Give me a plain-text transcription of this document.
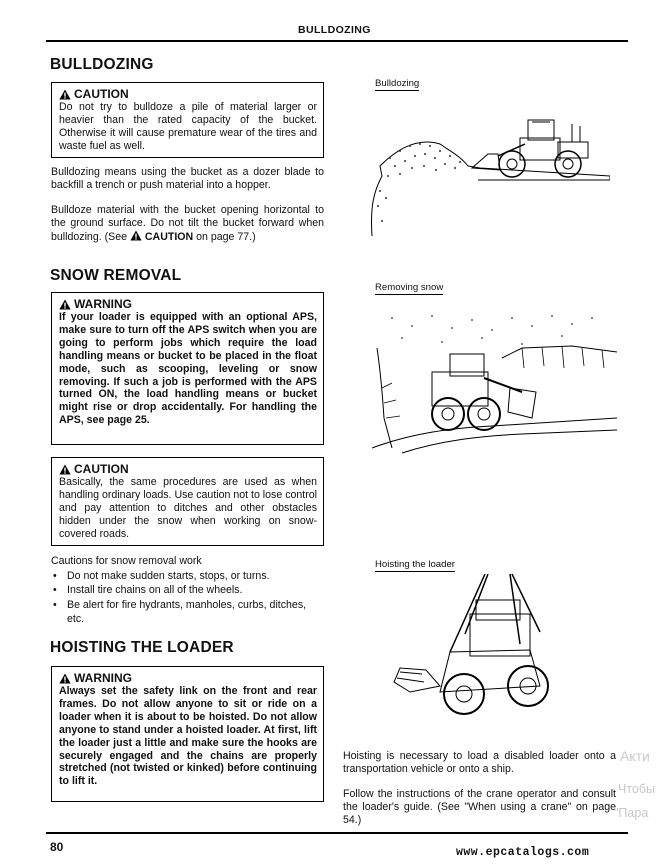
BULLDOZING
BULLDOZING
CAUTION
Do not try to bulldoze a pile of material larger or heavier than the rated capacity of the bucket. Otherwise it will cause premature wear of the tires and waste fuel as well.
Bulldozing means using the bucket as a dozer blade to backfill a trench or push material into a hopper.
Bulldoze material with the bucket opening horizontal to the ground surface. Do not tilt the bucket forward when bulldozing. (See CAUTION on page 77.)
SNOW REMOVAL
WARNING
If your loader is equipped with an optional APS, make sure to turn off the APS switch when you are going to perform jobs which require the load handling means or bucket to be placed in the float mode, such as scooping, leveling or snow removing. If such a job is performed with the APS turned ON, the load handling means or bucket might rise or drop accidentally. For handling the APS, see page 25.
CAUTION
Basically, the same procedures are used as when handling ordinary loads. Use caution not to lose control and pay attention to ditches and other obstacles hidden under the snow when working on snow-covered roads.
Cautions for snow removal work
• Do not make sudden starts, stops, or turns.
• Install tire chains on all of the wheels.
• Be alert for fire hydrants, manholes, curbs, ditches, etc.
HOISTING THE LOADER
WARNING
Always set the safety link on the front and rear frames. Do not allow anyone to sit or ride on a loader when it is about to be hoisted. Do not allow anyone to stand under a hoisted loader. At first, lift the loader just a little and make sure the hooks are securely engaged and the chains are properly stretched (not twisted or kinked) before continuing to lift it.
Hoisting is necessary to load a disabled loader onto a transportation vehicle or onto a ship.
Follow the instructions of the crane operator and consult the loader's guide. (See "When using a crane" on page 54.)
Bulldozing
Removing snow
Hoisting the loader
Акти
Чтобы
"Пара
80	www.epcatalogs.com
